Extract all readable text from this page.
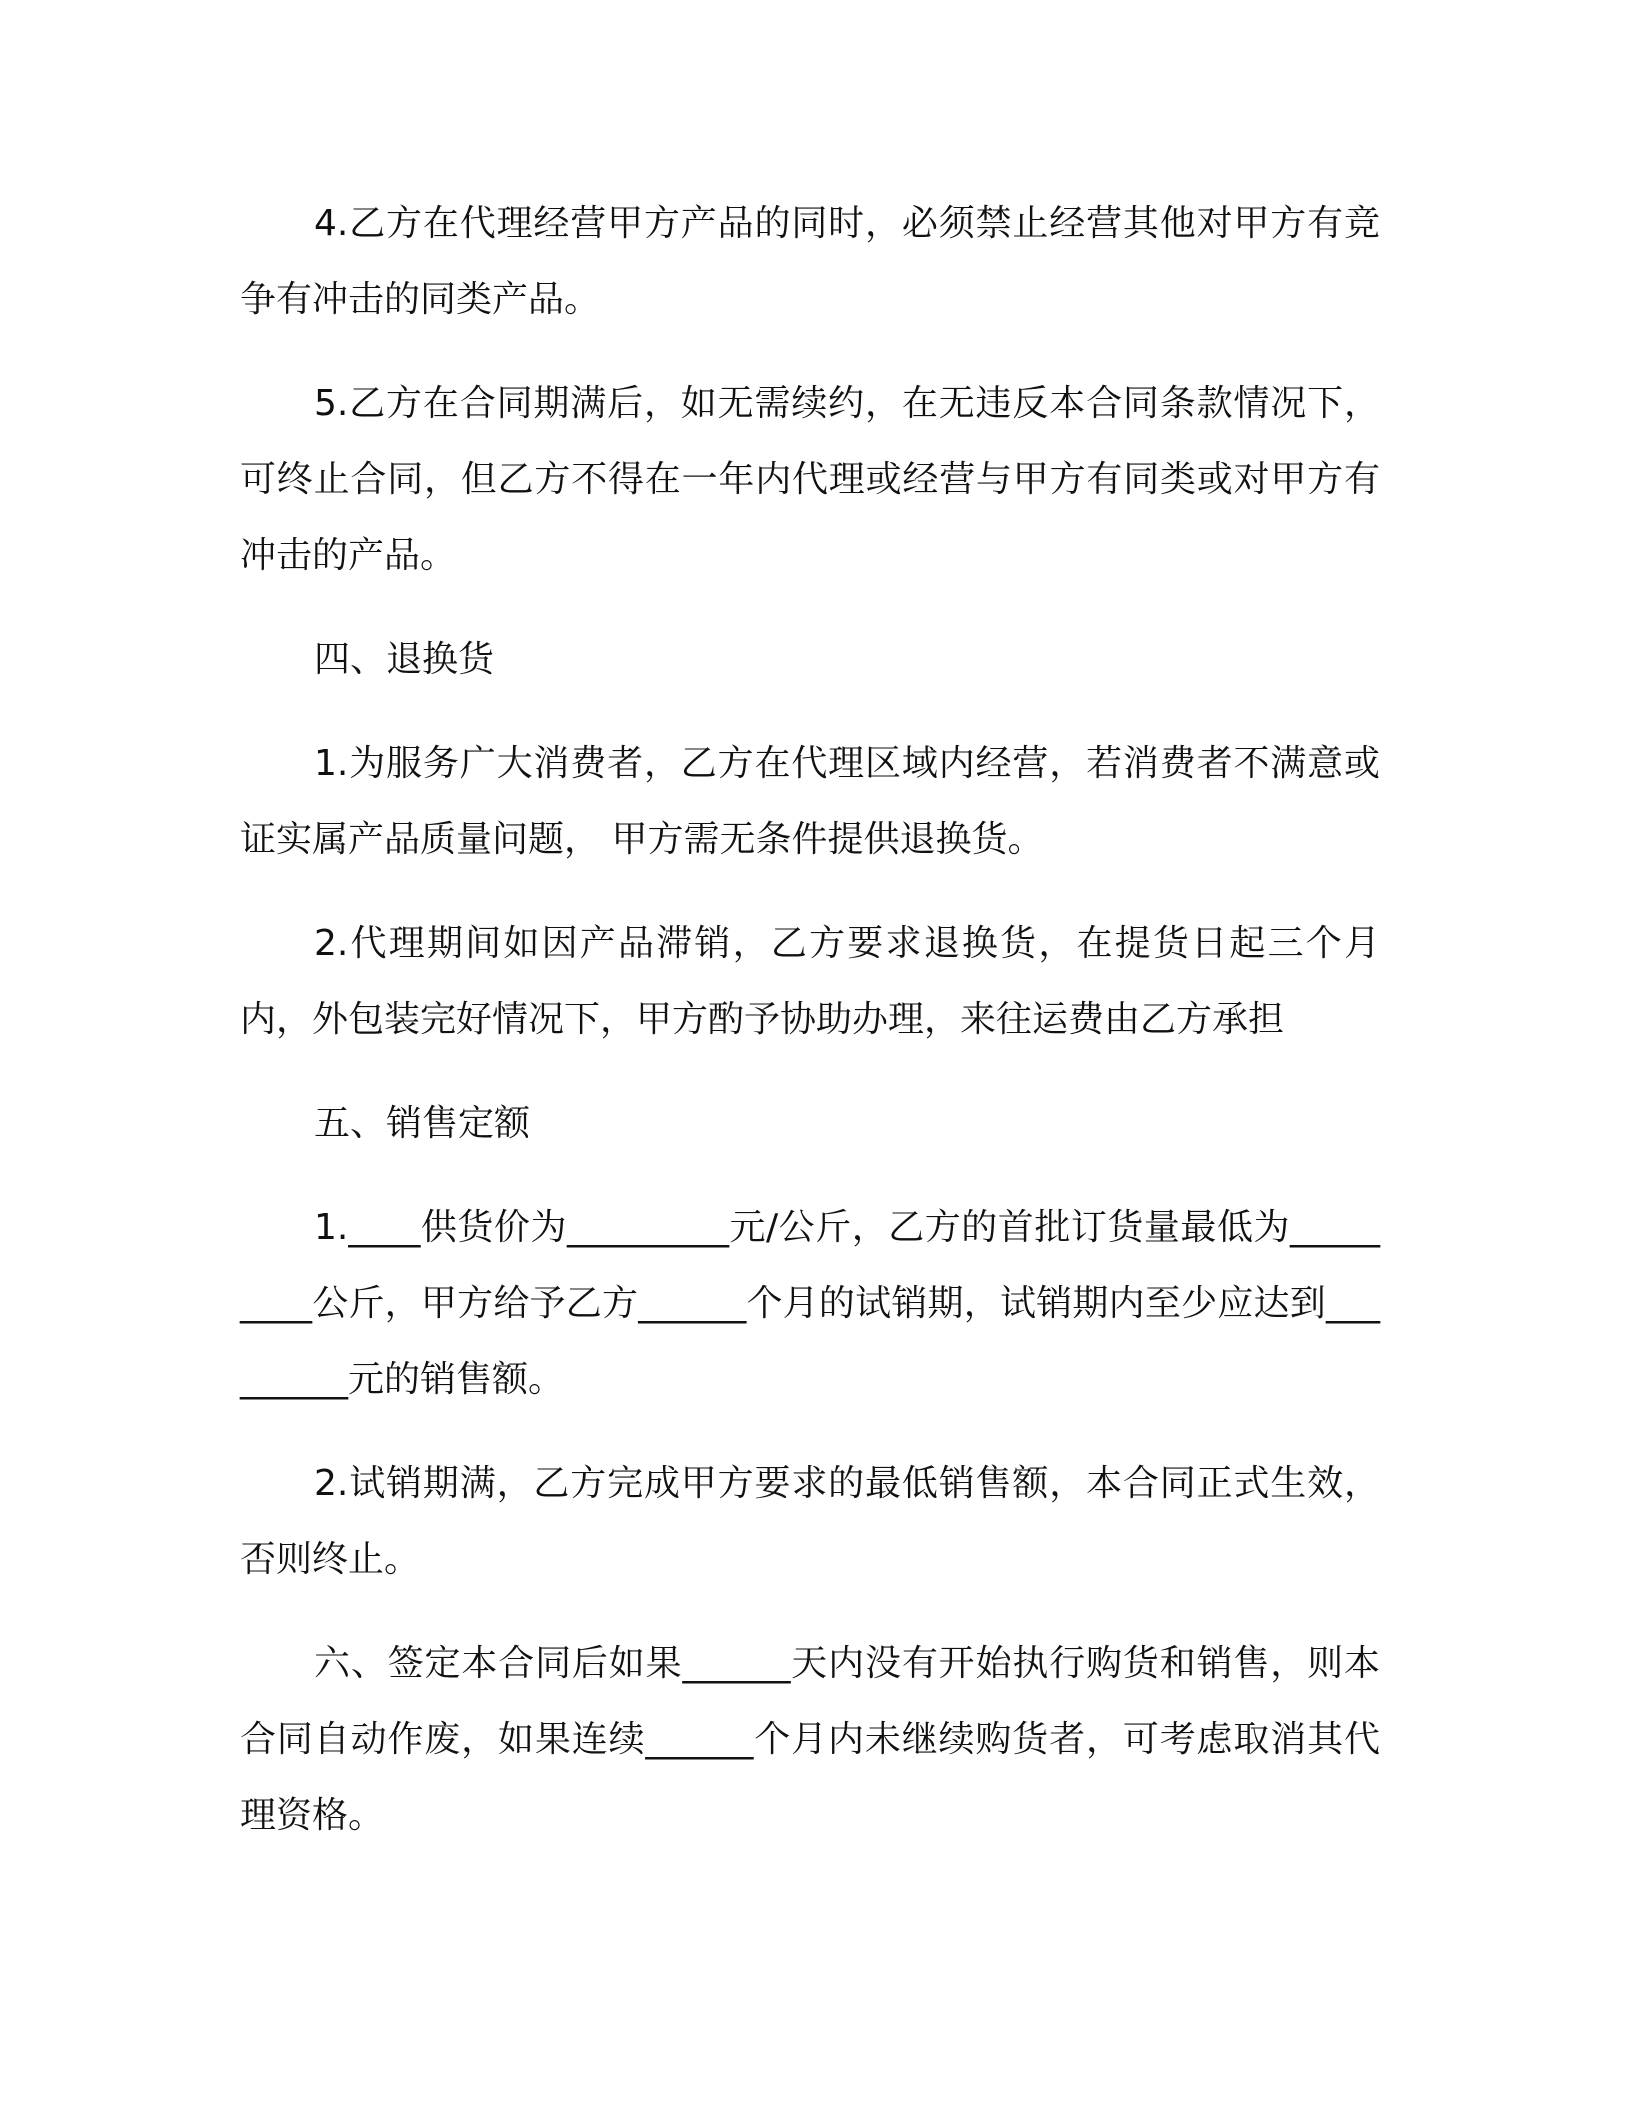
4.乙方在代理经营甲方产品的同时，必须禁止经营其他对甲方有竞争有冲击的同类产品。

5.乙方在合同期满后，如无需续约，在无违反本合同条款情况下，可终止合同，但乙方不得在一年内代理或经营与甲方有同类或对甲方有冲击的产品。

四、退换货

1.为服务广大消费者，乙方在代理区域内经营，若消费者不满意或证实属产品质量问题， 甲方需无条件提供退换货。

2.代理期间如因产品滞销，乙方要求退换货，在提货日起三个月内，外包装完好情况下，甲方酌予协助办理，来往运费由乙方承担

五、销售定额

1.____供货价为_________元/公斤，乙方的首批订货量最低为_________公斤，甲方给予乙方______个月的试销期，试销期内至少应达到_________元的销售额。

2.试销期满，乙方完成甲方要求的最低销售额，本合同正式生效，否则终止。

六、签定本合同后如果______天内没有开始执行购货和销售，则本合同自动作废，如果连续______个月内未继续购货者，可考虑取消其代理资格。
